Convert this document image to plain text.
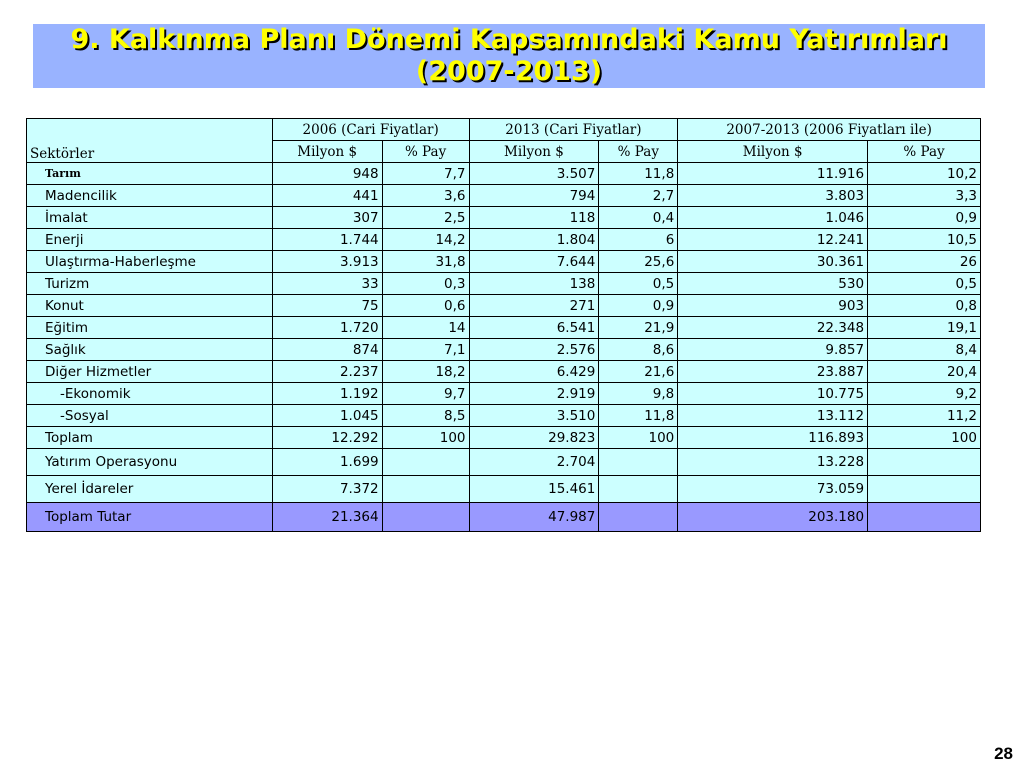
9. Kalkınma Planı Dönemi Kapsamındaki Kamu Yatırımları
(2007-2013)
Sektörler	2006 (Cari Fiyatlar)		2013 (Cari Fiyatlar)		2007-2013 (2006 Fiyatları ile)	
	Milyon $	% Pay	Milyon $	% Pay	Milyon $	% Pay
Tarım	948	7,7	3.507	11,8	11.916	10,2
Madencilik	441	3,6	794	2,7	3.803	3,3
İmalat	307	2,5	118	0,4	1.046	0,9
Enerji	1.744	14,2	1.804	6	12.241	10,5
Ulaştırma-Haberleşme	3.913	31,8	7.644	25,6	30.361	26
Turizm	33	0,3	138	0,5	530	0,5
Konut	75	0,6	271	0,9	903	0,8
Eğitim	1.720	14	6.541	21,9	22.348	19,1
Sağlık	874	7,1	2.576	8,6	9.857	8,4
Diğer Hizmetler	2.237	18,2	6.429	21,6	23.887	20,4
-Ekonomik	1.192	9,7	2.919	9,8	10.775	9,2
-Sosyal	1.045	8,5	3.510	11,8	13.112	11,2
Toplam	12.292	100	29.823	100	116.893	100
Yatırım Operasyonu	1.699		2.704		13.228	
Yerel İdareler	7.372		15.461		73.059	
Toplam Tutar	21.364		47.987		203.180	
28
